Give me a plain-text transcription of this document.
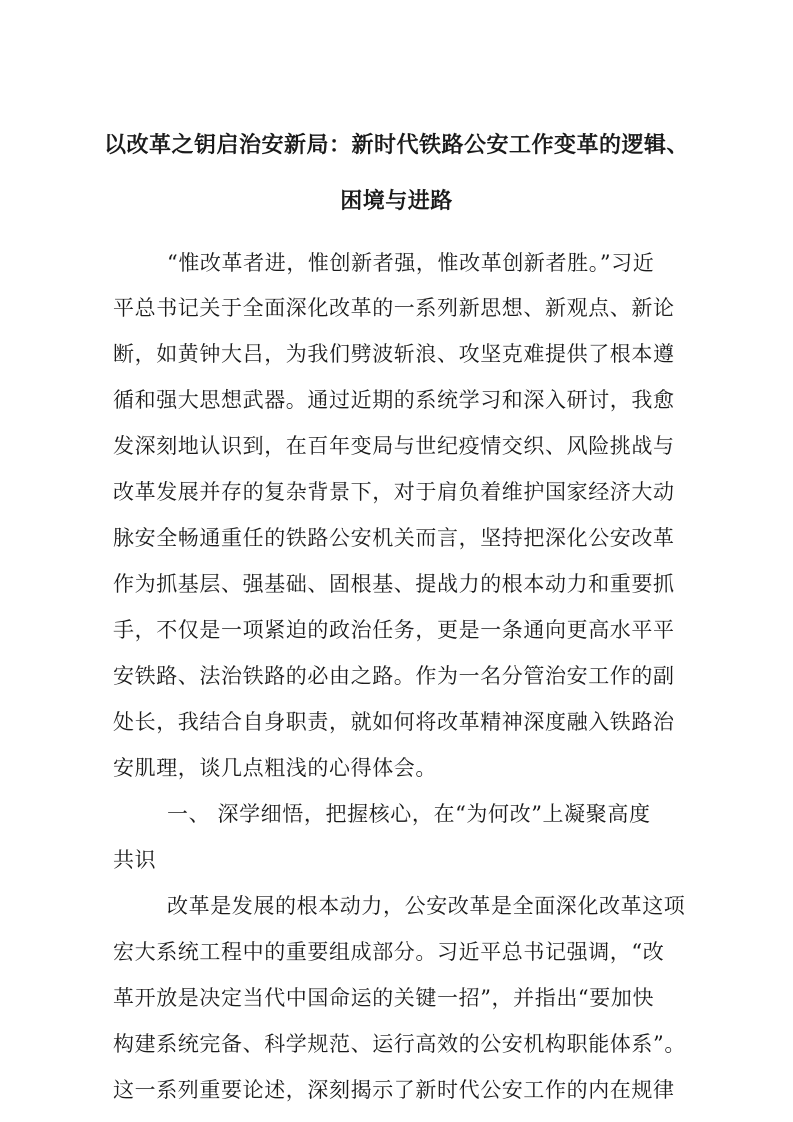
以改革之钥启治安新局：新时代铁路公安工作变革的逻辑、
困境与进路
“惟改革者进，惟创新者强，惟改革创新者胜。”习近
平总书记关于全面深化改革的一系列新思想、新观点、新论
断，如黄钟大吕，为我们劈波斩浪、攻坚克难提供了根本遵
循和强大思想武器。通过近期的系统学习和深入研讨，我愈
发深刻地认识到，在百年变局与世纪疫情交织、风险挑战与
改革发展并存的复杂背景下，对于肩负着维护国家经济大动
脉安全畅通重任的铁路公安机关而言，坚持把深化公安改革
作为抓基层、强基础、固根基、提战力的根本动力和重要抓
手，不仅是一项紧迫的政治任务，更是一条通向更高水平平
安铁路、法治铁路的必由之路。作为一名分管治安工作的副
处长，我结合自身职责，就如何将改革精神深度融入铁路治
安肌理，谈几点粗浅的心得体会。
一、 深学细悟，把握核心，在“为何改”上凝聚高度
共识
改革是发展的根本动力，公安改革是全面深化改革这项
宏大系统工程中的重要组成部分。习近平总书记强调，“改
革开放是决定当代中国命运的关键一招”，并指出“要加快
构建系统完备、科学规范、运行高效的公安机构职能体系”。
这一系列重要论述，深刻揭示了新时代公安工作的内在规律
